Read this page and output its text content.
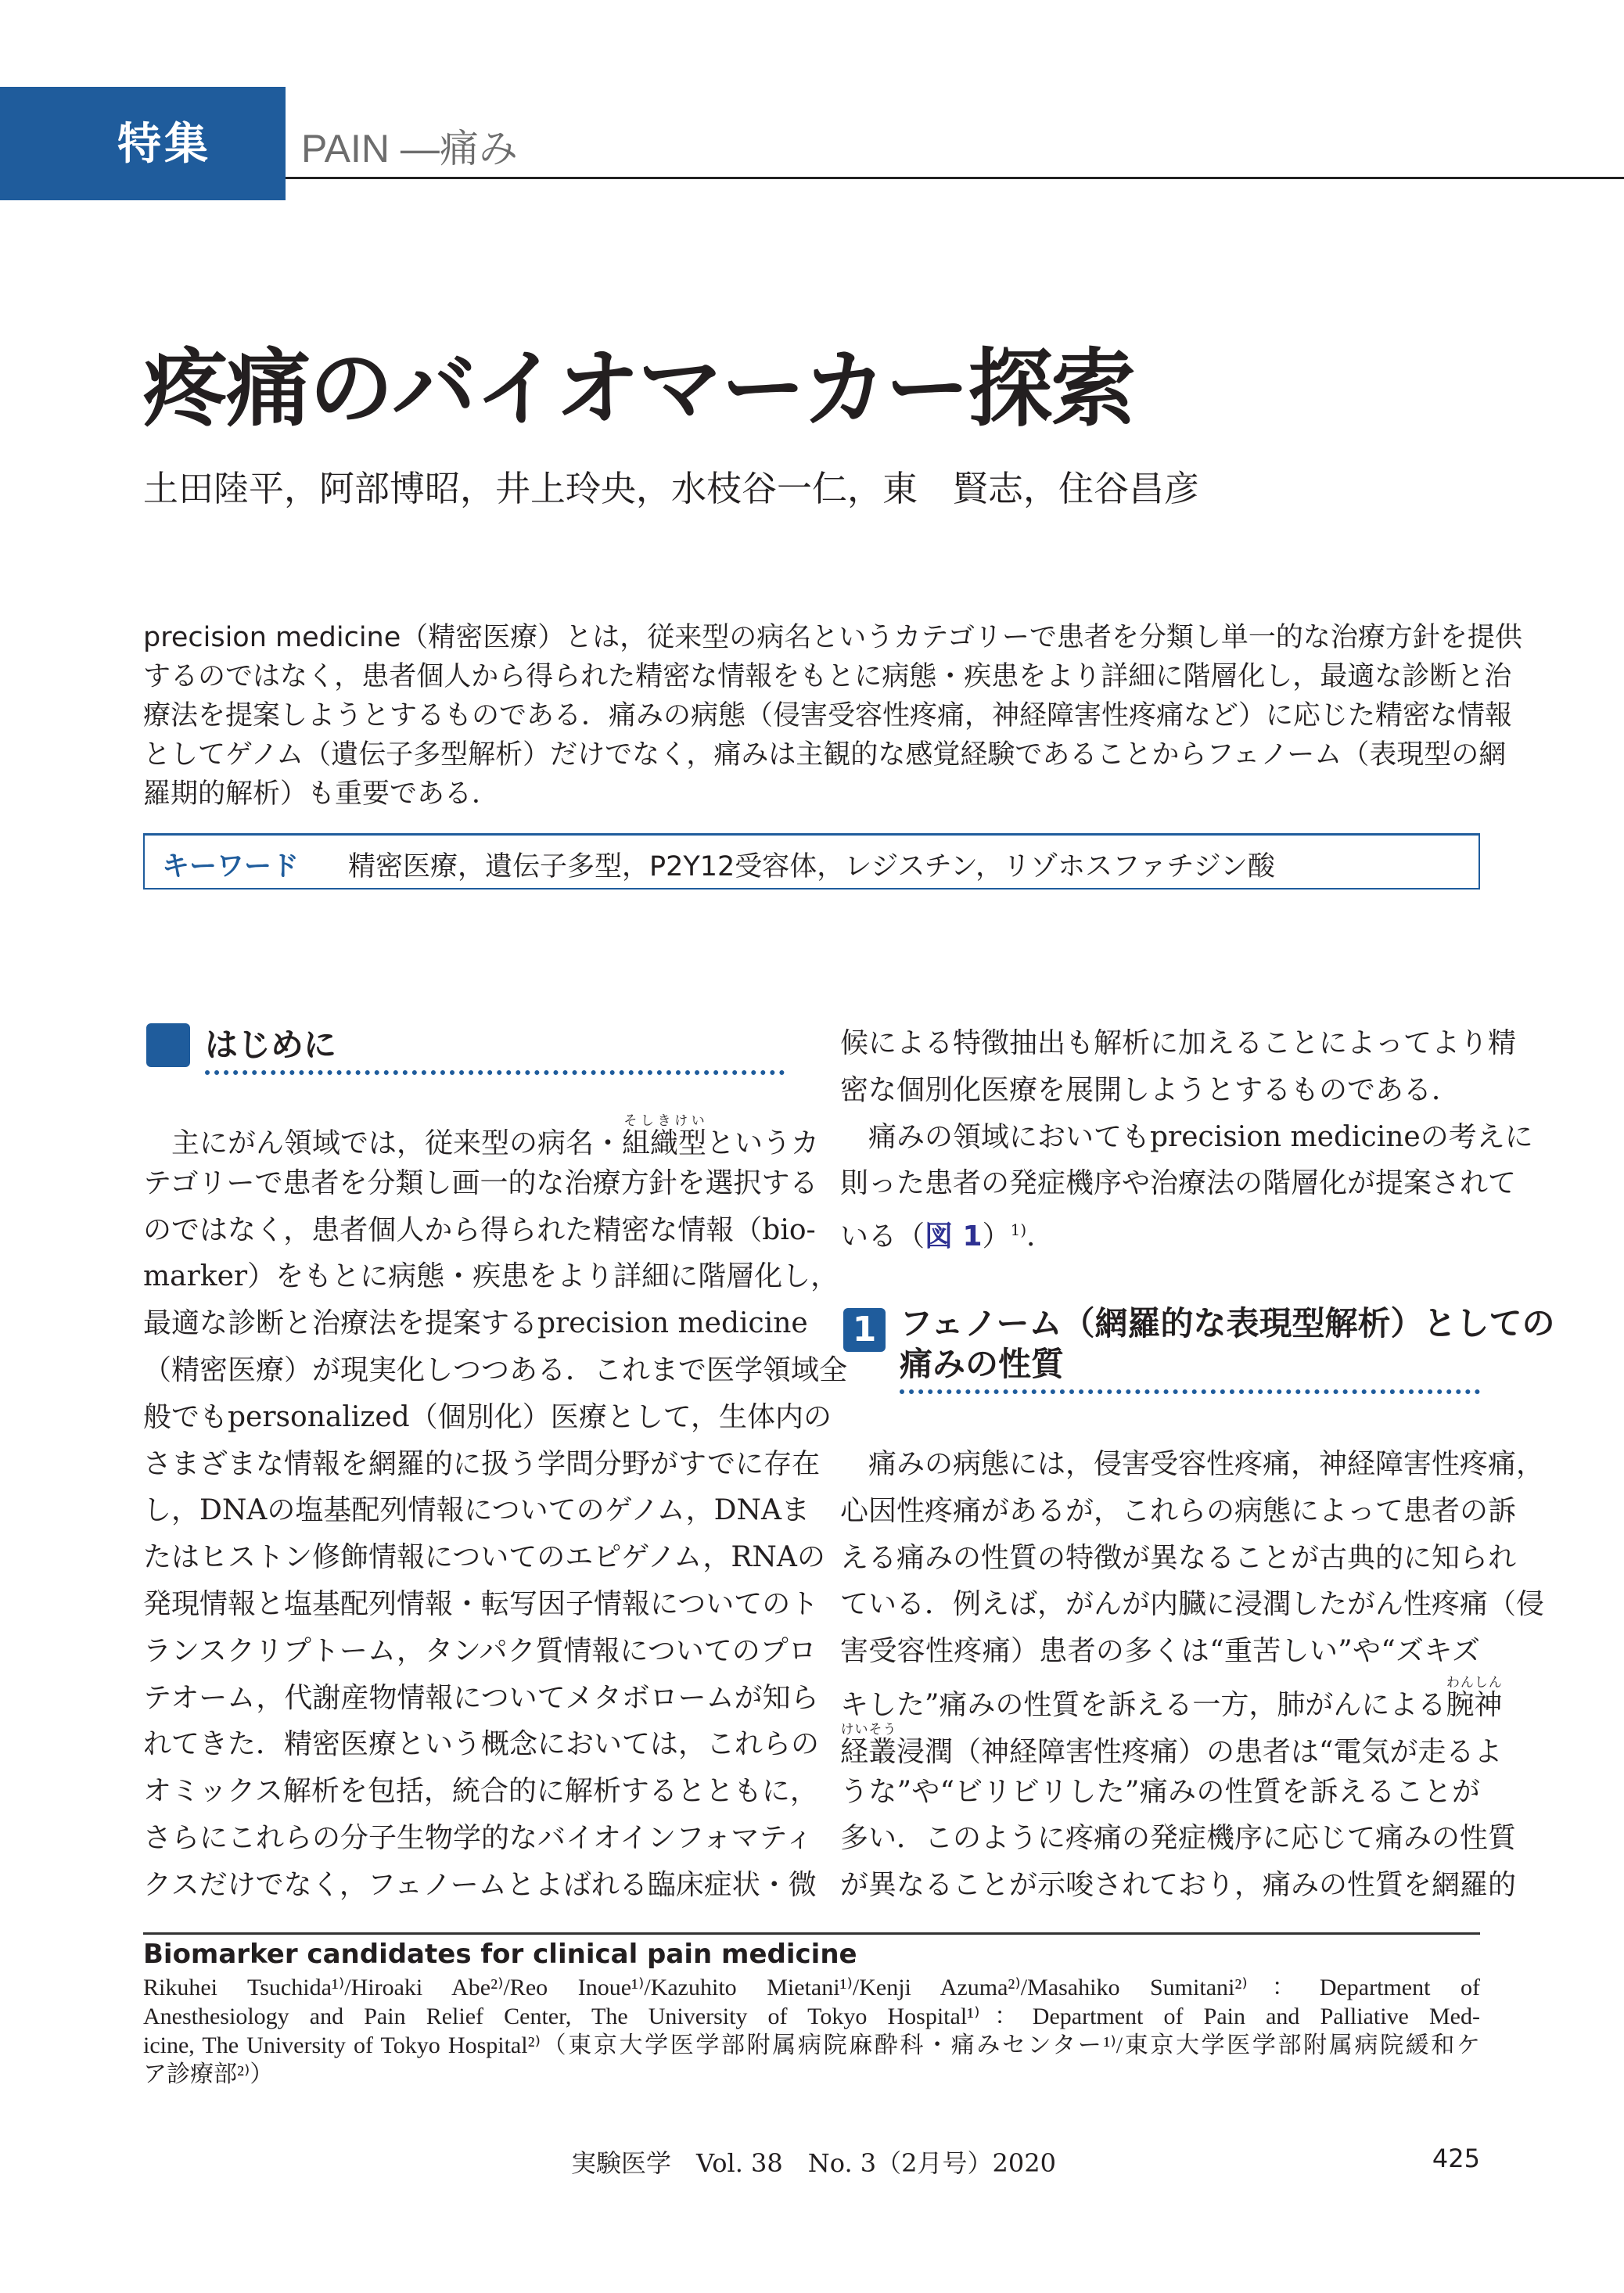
特集	PAIN —痛み
疼痛のバイオマーカー探索
土田陸平，阿部博昭，井上玲央，水枝谷一仁，東　賢志，住谷昌彦
precision medicine（精密医療）とは，従来型の病名というカテゴリーで患者を分類し単一的な治療方針を提供
するのではなく，患者個人から得られた精密な情報をもとに病態・疾患をより詳細に階層化し，最適な診断と治
療法を提案しようとするものである．痛みの病態（侵害受容性疼痛，神経障害性疼痛など）に応じた精密な情報
としてゲノム（遺伝子多型解析）だけでなく，痛みは主観的な感覚経験であることからフェノーム（表現型の網
羅期的解析）も重要である．
キーワード 精密医療，遺伝子多型，P2Y12受容体，レジスチン，リゾホスファチジン酸
はじめに
　主にがん領域では，従来型の病名・組織型そしきけいというカ
テゴリーで患者を分類し画一的な治療方針を選択する
のではなく，患者個人から得られた精密な情報（bio-
marker）をもとに病態・疾患をより詳細に階層化し，
最適な診断と治療法を提案するprecision medicine
（精密医療）が現実化しつつある．これまで医学領域全
般でもpersonalized（個別化）医療として，生体内の
さまざまな情報を網羅的に扱う学問分野がすでに存在
し，DNAの塩基配列情報についてのゲノム，DNAま
たはヒストン修飾情報についてのエピゲノム，RNAの
発現情報と塩基配列情報・転写因子情報についてのト
ランスクリプトーム，タンパク質情報についてのプロ
テオーム，代謝産物情報についてメタボロームが知ら
れてきた．精密医療という概念においては，これらの
オミックス解析を包括，統合的に解析するとともに，
さらにこれらの分子生物学的なバイオインフォマティ
クスだけでなく，フェノームとよばれる臨床症状・微
候による特徴抽出も解析に加えることによってより精
密な個別化医療を展開しようとするものである．
　痛みの領域においてもprecision medicineの考えに
則った患者の発症機序や治療法の階層化が提案されて
いる（図 1）$^{1)}$．
1 フェノーム（網羅的な表現型解析）としての
痛みの性質
　痛みの病態には，侵害受容性疼痛，神経障害性疼痛，
心因性疼痛があるが，これらの病態によって患者の訴
える痛みの性質の特徴が異なることが古典的に知られ
ている．例えば，がんが内臓に浸潤したがん性疼痛（侵
害受容性疼痛）患者の多くは“重苦しい”や“ズキズ
キした”痛みの性質を訴える一方，肺がんによる腕神わんしん
経叢けいそう浸潤（神経障害性疼痛）の患者は“電気が走るよ
うな”や“ビリビリした”痛みの性質を訴えることが
多い．このように疼痛の発症機序に応じて痛みの性質
が異なることが示唆されており，痛みの性質を網羅的
Biomarker candidates for clinical pain medicine
Rikuhei Tsuchida¹⁾/Hiroaki Abe²⁾/Reo Inoue¹⁾/Kazuhito Mietani¹⁾/Kenji Azuma²⁾/Masahiko Sumitani²⁾：Department of
Anesthesiology and Pain Relief Center, The University of Tokyo Hospital¹⁾：Department of Pain and Palliative Med-
icine, The University of Tokyo Hospital²⁾（東京大学医学部附属病院麻酔科・痛みセンター¹⁾/東京大学医学部附属病院緩和ケ
ア診療部²⁾）
実験医学　Vol. 38　No. 3（2月号）2020	425
